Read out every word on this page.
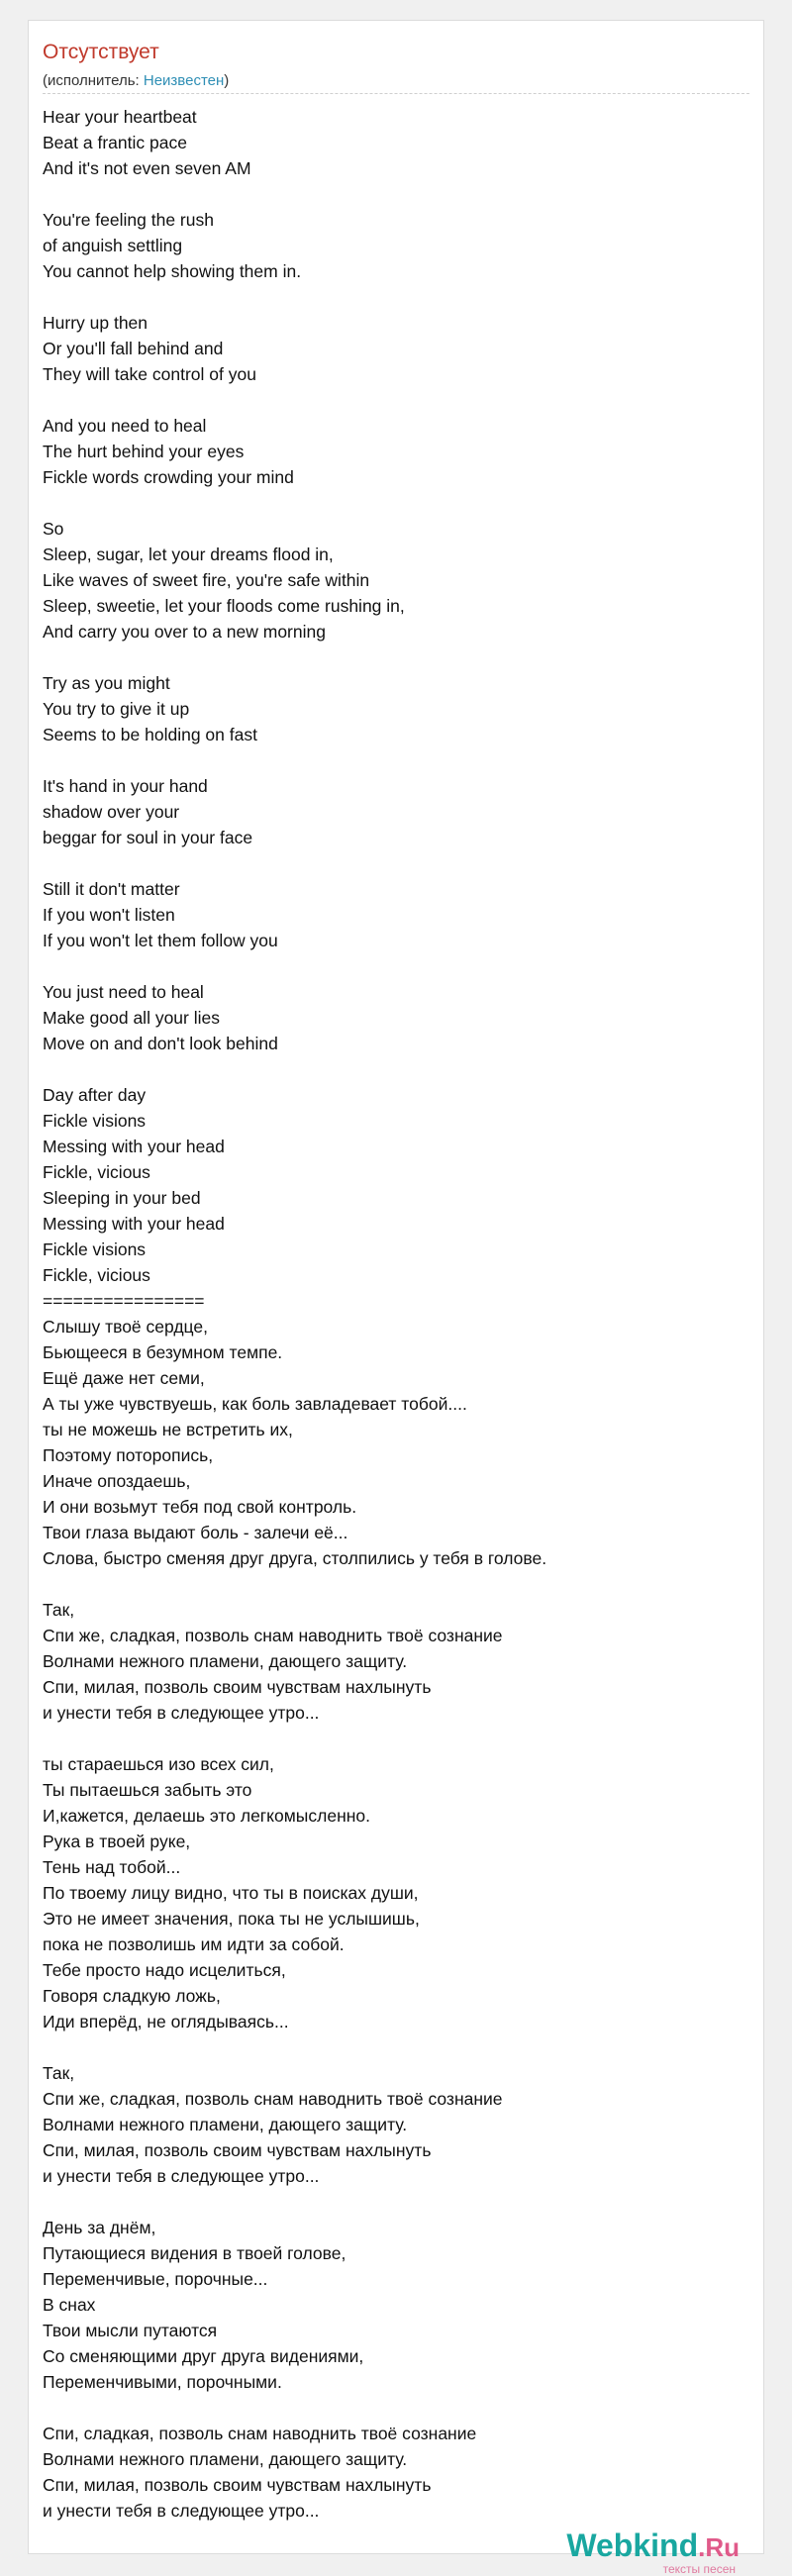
Отсутствует
(исполнитель: Неизвестен)
Hear your heartbeat
Beat a frantic pace
And it's not even seven AM
You're feeling the rush
of anguish settling
You cannot help showing them in.
Hurry up then
Or you'll fall behind and
They will take control of you
And you need to heal
The hurt behind your eyes
Fickle words crowding your mind
So
Sleep, sugar, let your dreams flood in,
Like waves of sweet fire, you're safe within
Sleep, sweetie, let your floods come rushing in,
And carry you over to a new morning
Try as you might
You try to give it up
Seems to be holding on fast
It's hand in your hand
shadow over your
beggar for soul in your face
Still it don't matter
If you won't listen
If you won't let them follow you
You just need to heal
Make good all your lies
Move on and don't look behind
Day after day
Fickle visions
Messing with your head
Fickle, vicious
Sleeping in your bed
Messing with your head
Fickle visions
Fickle, vicious
================
Слышу твоё сердце,
Бьющееся в безумном темпе.
Ещё даже нет семи,
А ты уже чувствуешь, как боль завладевает тобой....
ты не можешь не встретить их,
Поэтому поторопись,
Иначе опоздаешь,
И они возьмут тебя под свой контроль.
Твои глаза выдают боль - залечи её...
Слова, быстро сменяя друг друга, столпились у тебя в голове.
Так,
Спи же, сладкая, позволь снам наводнить твоё сознание
Волнами нежного пламени, дающего защиту.
Спи, милая, позволь своим чувствам нахлынуть
и унести тебя в следующее утро...
ты стараешься изо всех сил,
Ты пытаешься забыть это
И,кажется, делаешь это легкомысленно.
Рука в твоей руке,
Тень над тобой...
По твоему лицу видно, что ты в поисках души,
Это не имеет значения, пока ты не услышишь,
пока не позволишь им идти за собой.
Тебе просто надо исцелиться,
Говоря сладкую ложь,
Иди вперёд, не оглядываясь...
Так,
Спи же, сладкая, позволь снам наводнить твоё сознание
Волнами нежного пламени, дающего защиту.
Спи, милая, позволь своим чувствам нахлынуть
и унести тебя в следующее утро...
День за днём,
Путающиеся видения в твоей голове,
Переменчивые, порочные...
В снах
Твои мысли путаются
Со сменяющими друг друга видениями,
Переменчивыми, порочными.
Спи, сладкая, позволь снам наводнить твоё сознание
Волнами нежного пламени, дающего защиту.
Спи, милая, позволь своим чувствам нахлынуть
и унести тебя в следующее утро...
Webkind.Ru
тексты песен
